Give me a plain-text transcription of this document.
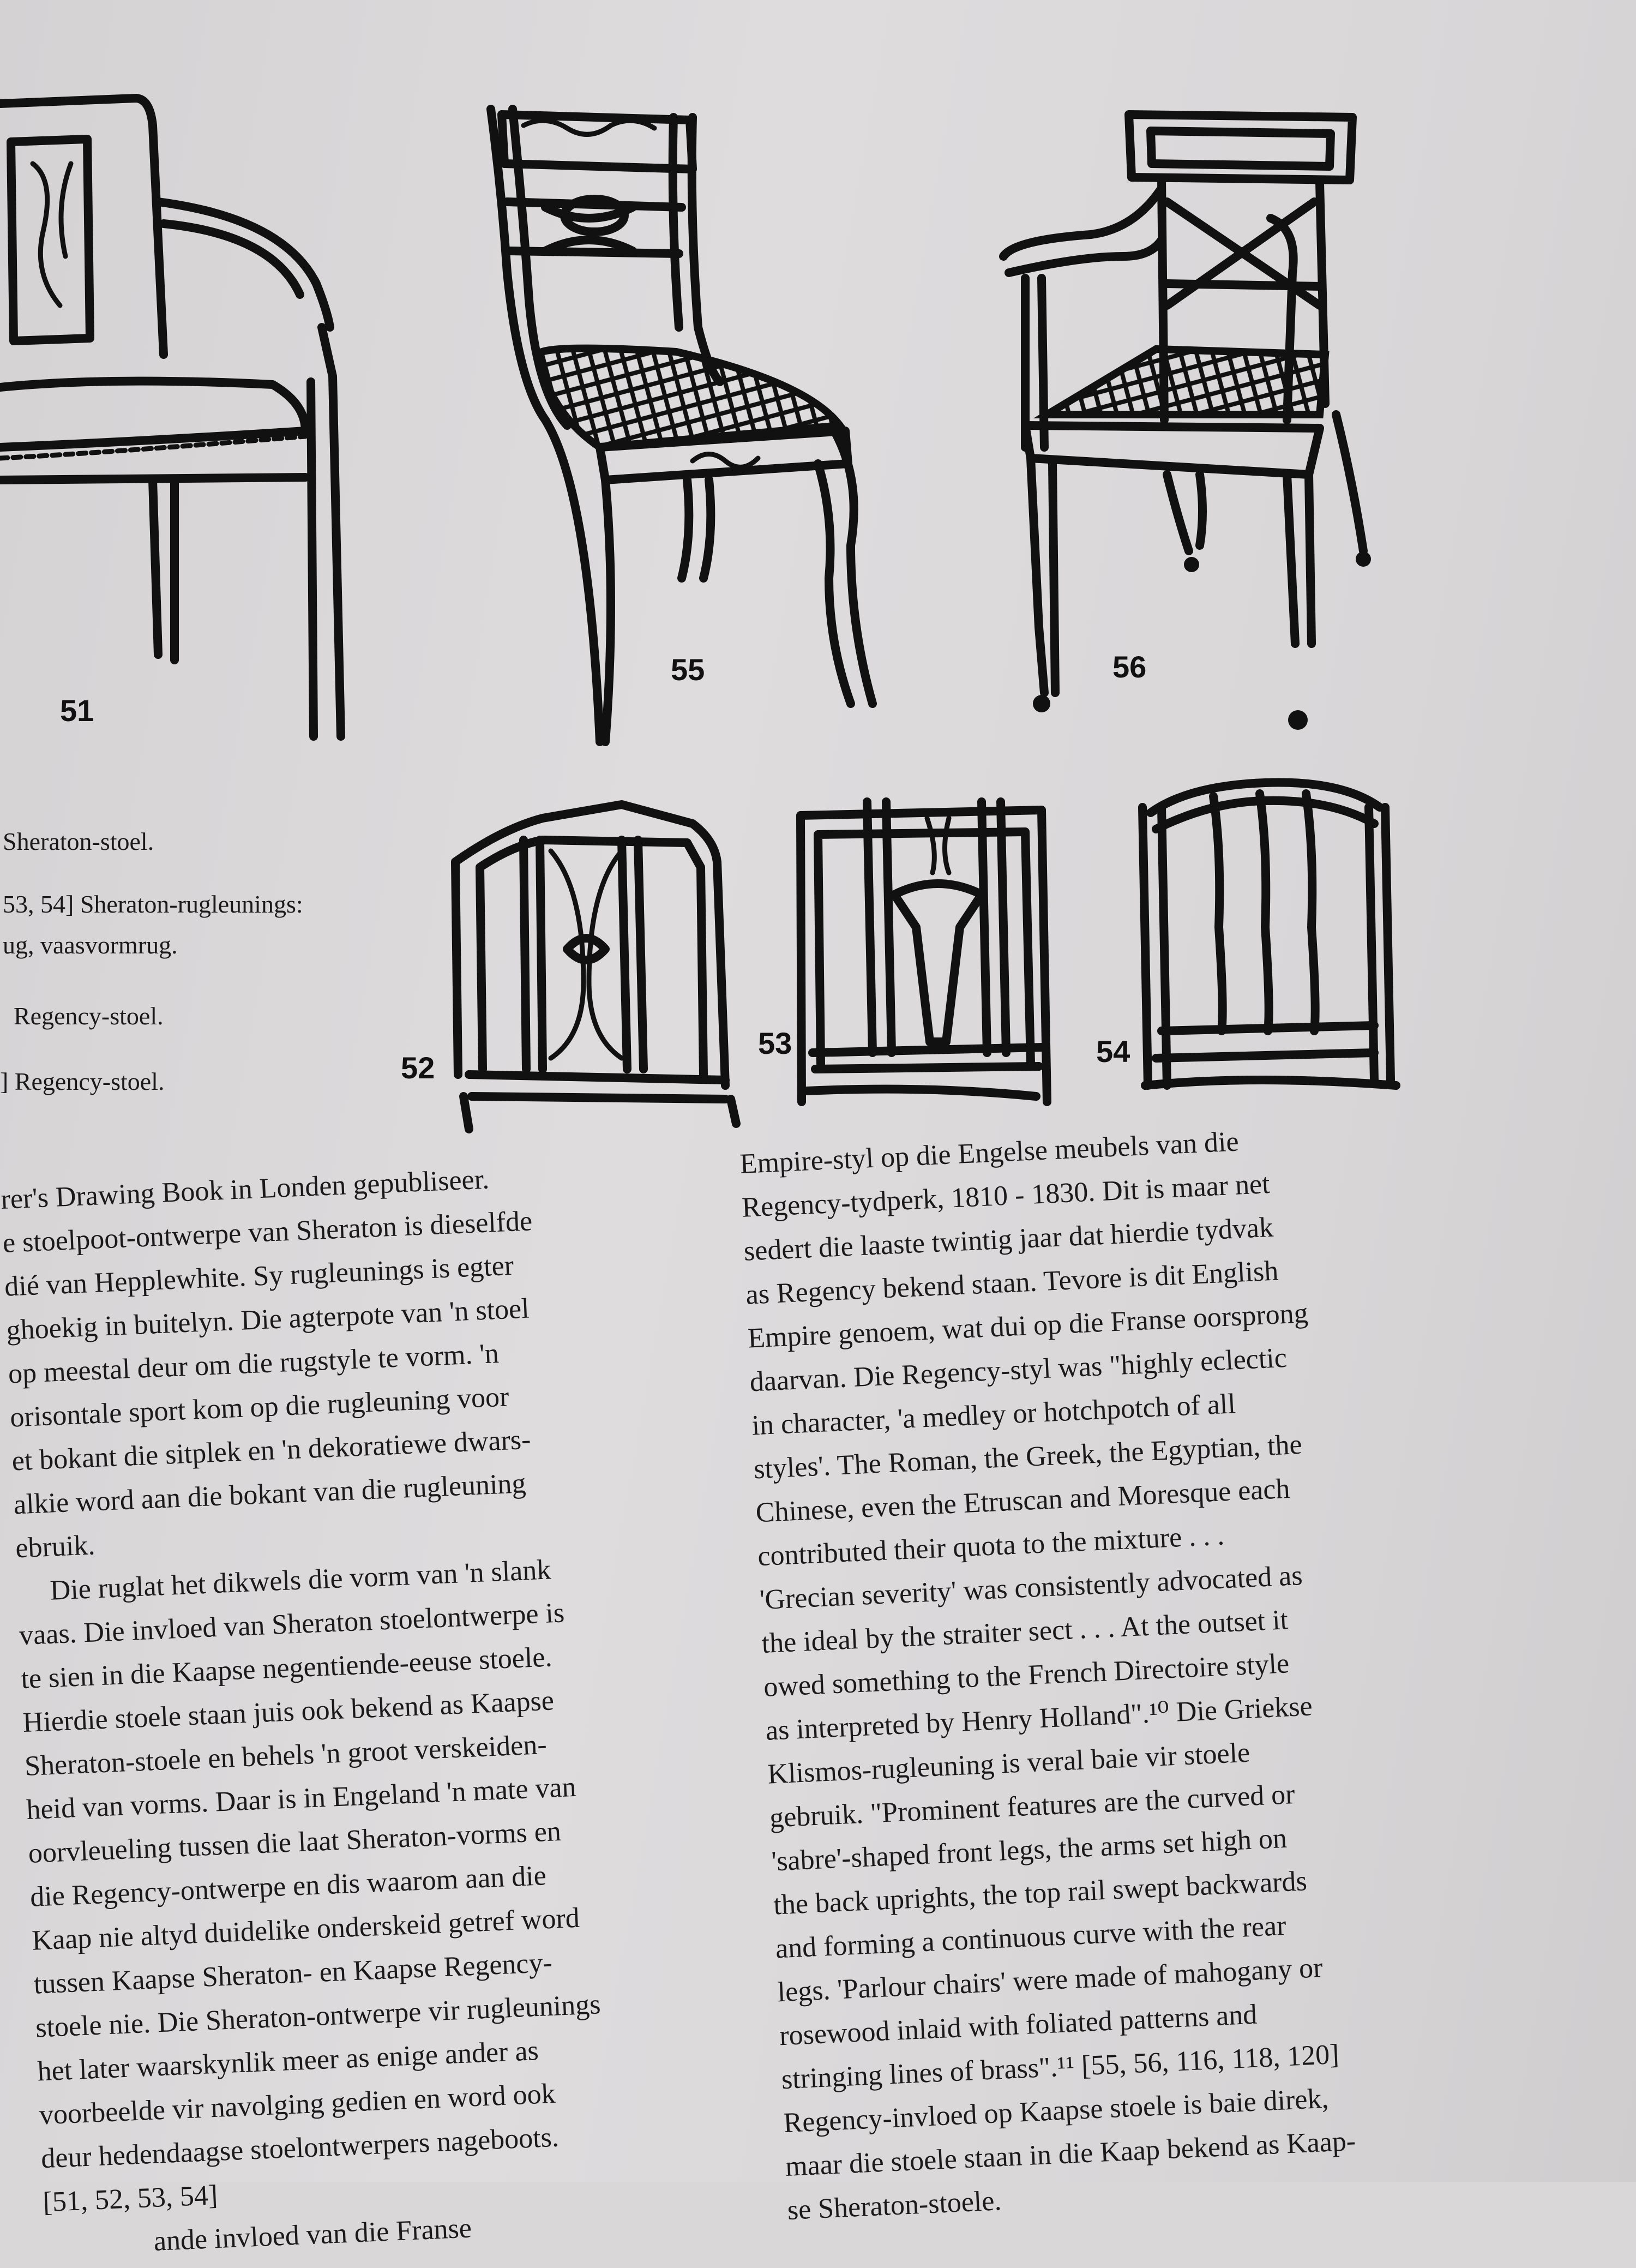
51
55	56
52
53	54
Sheraton-stoel.
53, 54] Sheraton-rugleunings:
ug, vaasvormrug.
Regency-stoel.
] Regency-stoel.
rer's Drawing Book in Londen gepubliseer.
e stoelpoot-ontwerpe van Sheraton is dieselfde
dié van Hepplewhite. Sy rugleunings is egter
ghoekig in buitelyn. Die agterpote van 'n stoel
op meestal deur om die rugstyle te vorm. 'n
orisontale sport kom op die rugleuning voor
et bokant die sitplek en 'n dekoratiewe dwars-
alkie word aan die bokant van die rugleuning
ebruik.
Die ruglat het dikwels die vorm van 'n slank
vaas. Die invloed van Sheraton stoelontwerpe is
te sien in die Kaapse negentiende-eeuse stoele.
Hierdie stoele staan juis ook bekend as Kaapse
Sheraton-stoele en behels 'n groot verskeiden-
heid van vorms. Daar is in Engeland 'n mate van
oorvleueling tussen die laat Sheraton-vorms en
die Regency-ontwerpe en dis waarom aan die
Kaap nie altyd duidelike onderskeid getref word
tussen Kaapse Sheraton- en Kaapse Regency-
stoele nie. Die Sheraton-ontwerpe vir rugleunings
het later waarskynlik meer as enige ander as
voorbeelde vir navolging gedien en word ook
deur hedendaagse stoelontwerpers nageboots.
[51, 52, 53, 54]
ande invloed van die Franse
Empire-styl op die Engelse meubels van die
Regency-tydperk, 1810 - 1830. Dit is maar net
sedert die laaste twintig jaar dat hierdie tydvak
as Regency bekend staan. Tevore is dit English
Empire genoem, wat dui op die Franse oorsprong
daarvan. Die Regency-styl was "highly eclectic
in character, 'a medley or hotchpotch of all
styles'. The Roman, the Greek, the Egyptian, the
Chinese, even the Etruscan and Moresque each
contributed their quota to the mixture . . .
'Grecian severity' was consistently advocated as
the ideal by the straiter sect . . . At the outset it
owed something to the French Directoire style
as interpreted by Henry Holland".¹⁰ Die Griekse
Klismos-rugleuning is veral baie vir stoele
gebruik. "Prominent features are the curved or
'sabre'-shaped front legs, the arms set high on
the back uprights, the top rail swept backwards
and forming a continuous curve with the rear
legs. 'Parlour chairs' were made of mahogany or
rosewood inlaid with foliated patterns and
stringing lines of brass".¹¹ [55, 56, 116, 118, 120]
Regency-invloed op Kaapse stoele is baie direk,
maar die stoele staan in die Kaap bekend as Kaap-
se Sheraton-stoele.
